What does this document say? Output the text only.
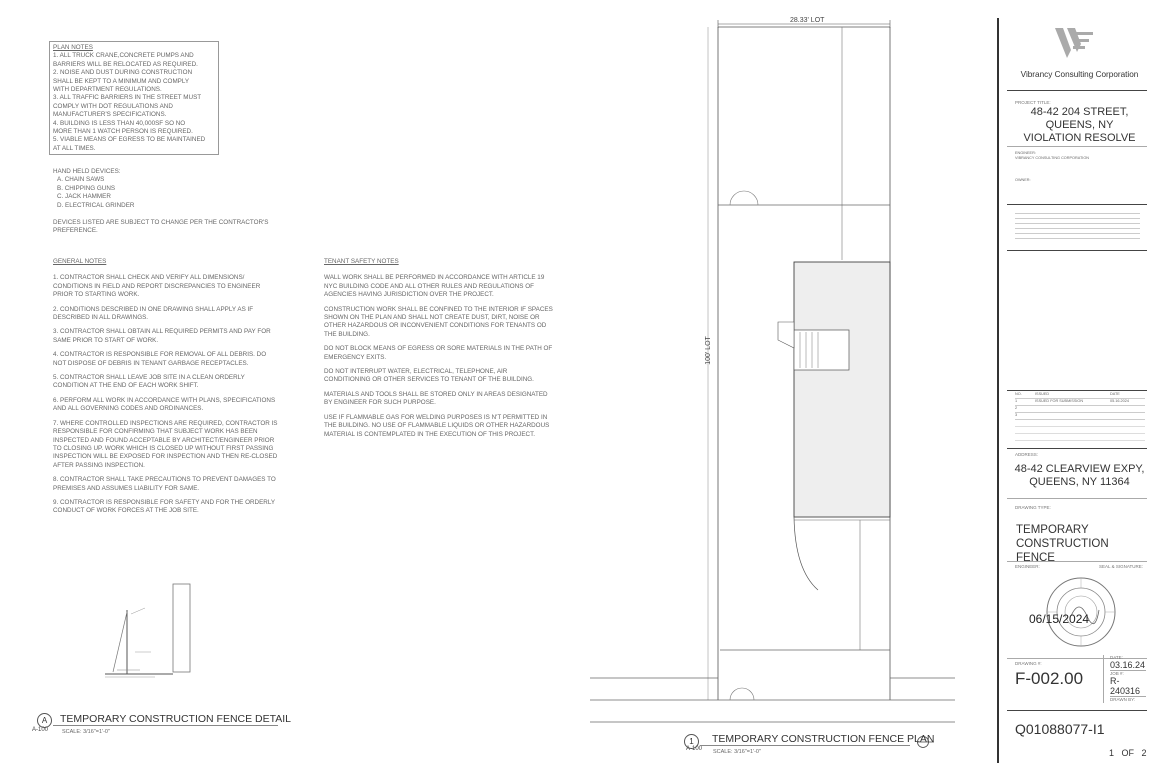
PLAN NOTES
1. ALL TRUCK CRANE,CONCRETE PUMPS AND
BARRIERS WILL BE RELOCATED AS REQUIRED.
2. NOISE AND DUST DURING CONSTRUCTION
SHALL BE KEPT TO A MINIMUM AND COMPLY
WITH DEPARTMENT REGULATIONS.
3. ALL TRAFFIC BARRIERS IN THE STREET MUST
COMPLY WITH DOT REGULATIONS AND
MANUFACTURER'S SPECIFICATIONS.
4. BUILDING IS LESS THAN 40,000SF SO NO
MORE THAN 1 WATCH PERSON IS REQUIRED.
5. VIABLE MEANS OF EGRESS TO BE MAINTAINED
AT ALL TIMES.
HAND HELD DEVICES:
A. CHAIN SAWS
B. CHIPPING GUNS
C. JACK HAMMER
D. ELECTRICAL GRINDER
DEVICES LISTED ARE SUBJECT TO CHANGE PER THE CONTRACTOR'S PREFERENCE.
GENERAL NOTES

1. CONTRACTOR SHALL CHECK AND VERIFY ALL DIMENSIONS/ CONDITIONS IN FIELD AND REPORT DISCREPANCIES TO ENGINEER PRIOR TO STARTING WORK.

2. CONDITIONS DESCRIBED IN ONE DRAWING SHALL APPLY AS IF DESCRIBED IN ALL DRAWINGS.

3. CONTRACTOR SHALL OBTAIN ALL REQUIRED PERMITS AND PAY FOR SAME PRIOR TO START OF WORK.

4. CONTRACTOR IS RESPONSIBLE FOR REMOVAL OF ALL DEBRIS. DO NOT DISPOSE OF DEBRIS IN TENANT GARBAGE RECEPTACLES.

5. CONTRACTOR SHALL LEAVE JOB SITE IN A CLEAN ORDERLY CONDITION AT THE END OF EACH WORK SHIFT.

6. PERFORM ALL WORK IN ACCORDANCE WITH PLANS, SPECIFICATIONS AND ALL GOVERNING CODES AND ORDINANCES.

7. WHERE CONTROLLED INSPECTIONS ARE REQUIRED, CONTRACTOR IS RESPONSIBLE FOR CONFIRMING THAT SUBJECT WORK HAS BEEN INSPECTED AND FOUND ACCEPTABLE BY ARCHITECT/ENGINEER PRIOR TO CLOSING UP. WORK WHICH IS CLOSED UP WITHOUT FIRST PASSING INSPECTION WILL BE EXPOSED FOR INSPECTION AND THEN RE-CLOSED AFTER PASSING INSPECTION.

8. CONTRACTOR SHALL TAKE PRECAUTIONS TO PREVENT DAMAGES TO PREMISES AND ASSUMES LIABILITY FOR SAME.

9. CONTRACTOR IS RESPONSIBLE FOR SAFETY AND FOR THE ORDERLY CONDUCT OF WORK FORCES AT THE JOB SITE.

TENANT SAFETY NOTES

WALL WORK SHALL BE PERFORMED IN ACCORDANCE WITH ARTICLE 19 NYC BUILDING CODE AND ALL OTHER RULES AND REGULATIONS OF AGENCIES HAVING JURISDICTION OVER THE PROJECT.

CONSTRUCTION WORK SHALL BE CONFINED TO THE INTERIOR IF SPACES SHOWN ON THE PLAN AND SHALL NOT CREATE DUST, DIRT, NOISE OR OTHER HAZARDOUS OR INCONVENIENT CONDITIONS FOR TENANTS OD THE BUILDING.

DO NOT BLOCK MEANS OF EGRESS OR SORE MATERIALS IN THE PATH OF EMERGENCY EXITS.

DO NOT INTERRUPT WATER, ELECTRICAL, TELEPHONE, AIR CONDITIONING OR OTHER SERVICES TO TENANT OF THE BUILDING.

MATERIALS AND TOOLS SHALL BE STORED ONLY IN AREAS DESIGNATED BY ENGINEER FOR SUCH PURPOSE.

USE IF FLAMMABLE GAS FOR WELDING PURPOSES IS N'T PERMITTED IN THE BUILDING. NO USE OF FLAMMABLE LIQUIDS OR OTHER HAZARDOUS MATERIAL IS CONTEMPLATED IN THE EXECUTION OF THIS PROJECT.

A
A-100
TEMPORARY CONSTRUCTION FENCE DETAIL
SCALE: 3/16"=1'-0"
28.33' LOT
100' LOT
1
A-100
TEMPORARY CONSTRUCTION FENCE PLAN
SCALE: 3/16"=1'-0"
Vibrancy Consulting Corporation
PROJECT TITLE:
48-42 204 STREET,
QUEENS, NY
VIOLATION RESOLVE
ENGINEER:
VIBRANCY CONSULTING CORPORATION

OWNER:

NO.	ISSUED	DATE
1	ISSUED FOR SUBMISSION	05.16.2024
2
3
ADDRESS:
48-42 CLEARVIEW EXPY,
QUEENS, NY 11364
DRAWING TYPE:
TEMPORARY
CONSTRUCTION FENCE
ENGINEER:	SEAL & SIGNATURE:
06/15/2024
DRAWING #:
F-002.00
DATE:
03.16.24
JOB #:
R-240316
DRAWN BY:
Q01088077-I1
1   OF   2
